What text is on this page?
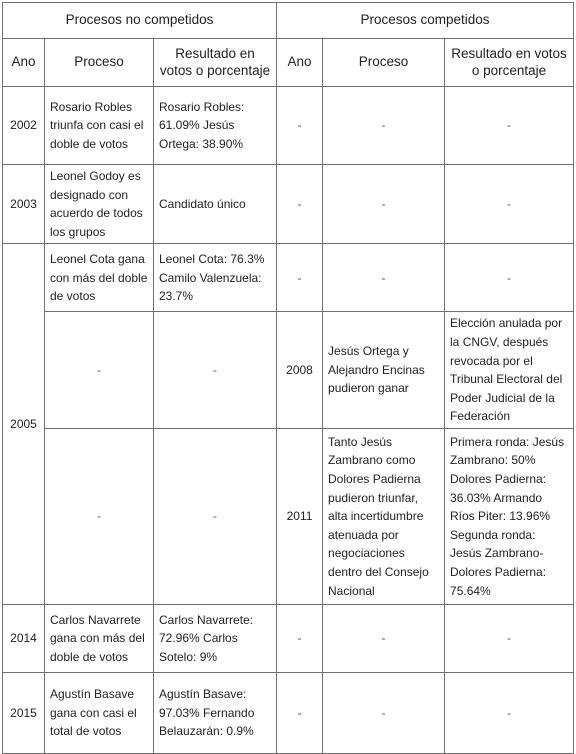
Procesos no competidos			Procesos competidos		
Ano	Proceso	Resultado en votos o porcentaje	Ano	Proceso	Resultado en votos o porcentaje
2002	Rosario Robles triunfa con casi el doble de votos	Rosario Robles: 61.09% Jesús Ortega: 38.90%	-	-	-
2003	Leonel Godoy es designado con acuerdo de todos los grupos	Candidato único	-	-	-
2005	Leonel Cota gana con más del doble de votos	Leonel Cota: 76.3% Camilo Valenzuela: 23.7%	-	-	-
	-	-	2008	Jesús Ortega y Alejandro Encinas pudieron ganar	Elección anulada por la CNGV, después revocada por el Tribunal Electoral del Poder Judicial de la Federación
	-	-	2011	Tanto Jesús Zambrano como Dolores Padierna pudieron triunfar, alta incertidumbre atenuada por negociaciones dentro del Consejo Nacional	Primera ronda: Jesús Zambrano: 50% Dolores Padierna: 36.03% Armando Ríos Piter: 13.96% Segunda ronda: Jesús Zambrano-Dolores Padierna: 75.64%
2014	Carlos Navarrete gana con más del doble de votos	Carlos Navarrete: 72.96% Carlos Sotelo: 9%	-	-	-
2015	Agustín Basave gana con casi el total de votos	Agustín Basave: 97.03% Fernando Belauzarán: 0.9%	-	-	-
